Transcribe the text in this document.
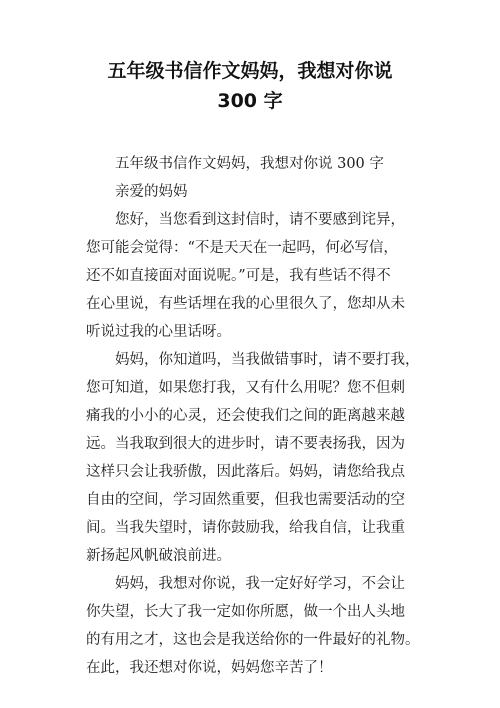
五年级书信作文妈妈，我想对你说
300 字
五年级书信作文妈妈，我想对你说 300 字
亲爱的妈妈
您好，当您看到这封信时，请不要感到诧异，
您可能会觉得：“不是天天在一起吗，何必写信，
还不如直接面对面说呢。”可是，我有些话不得不
在心里说，有些话埋在我的心里很久了，您却从未
听说过我的心里话呀。
妈妈，你知道吗，当我做错事时，请不要打我，
您可知道，如果您打我，又有什么用呢？您不但刺
痛我的小小的心灵，还会使我们之间的距离越来越
远。当我取到很大的进步时，请不要表扬我，因为
这样只会让我骄傲，因此落后。妈妈，请您给我点
自由的空间，学习固然重要，但我也需要活动的空
间。当我失望时，请你鼓励我，给我自信，让我重
新扬起风帆破浪前进。
妈妈，我想对你说，我一定好好学习，不会让
你失望，长大了我一定如你所愿，做一个出人头地
的有用之才，这也会是我送给你的一件最好的礼物。
在此，我还想对你说，妈妈您辛苦了！
